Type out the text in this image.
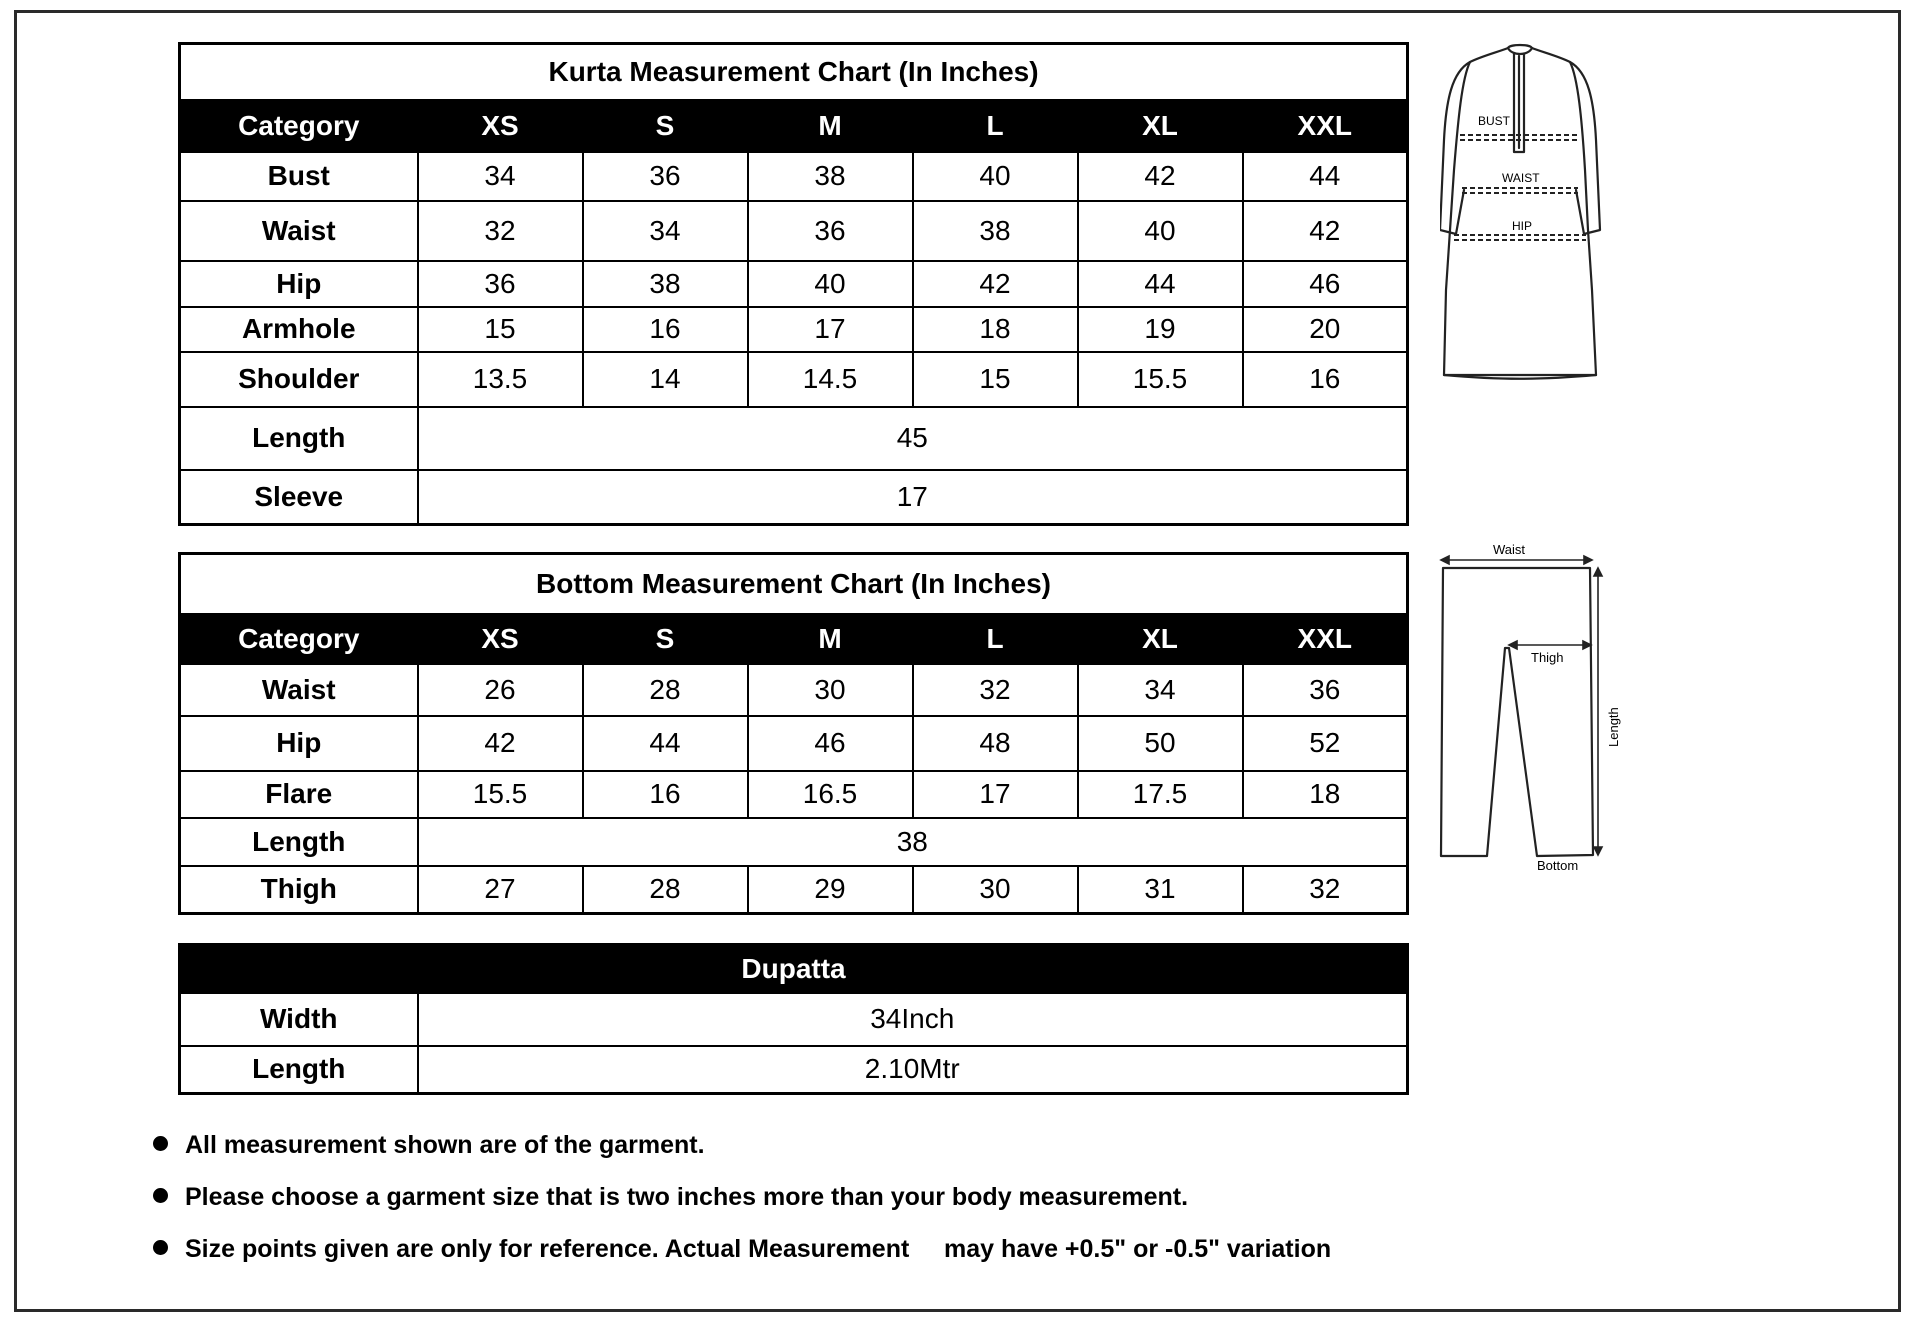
Kurta Measurement Chart (In Inches)						
Category	XS	S	M	L	XL	XXL
Bust	34	36	38	40	42	44
Waist	32	34	36	38	40	42
Hip	36	38	40	42	44	46
Armhole	15	16	17	18	19	20
Shoulder	13.5	14	14.5	15	15.5	16
Length	45					
Sleeve	17					
Bottom Measurement Chart (In Inches)						
Category	XS	S	M	L	XL	XXL
Waist	26	28	30	32	34	36
Hip	42	44	46	48	50	52
Flare	15.5	16	16.5	17	17.5	18
Length	38					
Thigh	27	28	29	30	31	32
Dupatta	
Width	34Inch
Length	2.10Mtr
All measurement shown are of the garment.
Please choose a garment size that is two inches more than your body measurement.
Size points given are only for reference. Actual Measurement     may have +0.5" or -0.5" variation
BUST
WAIST
HIP
Waist
Thigh
Length
Bottom
